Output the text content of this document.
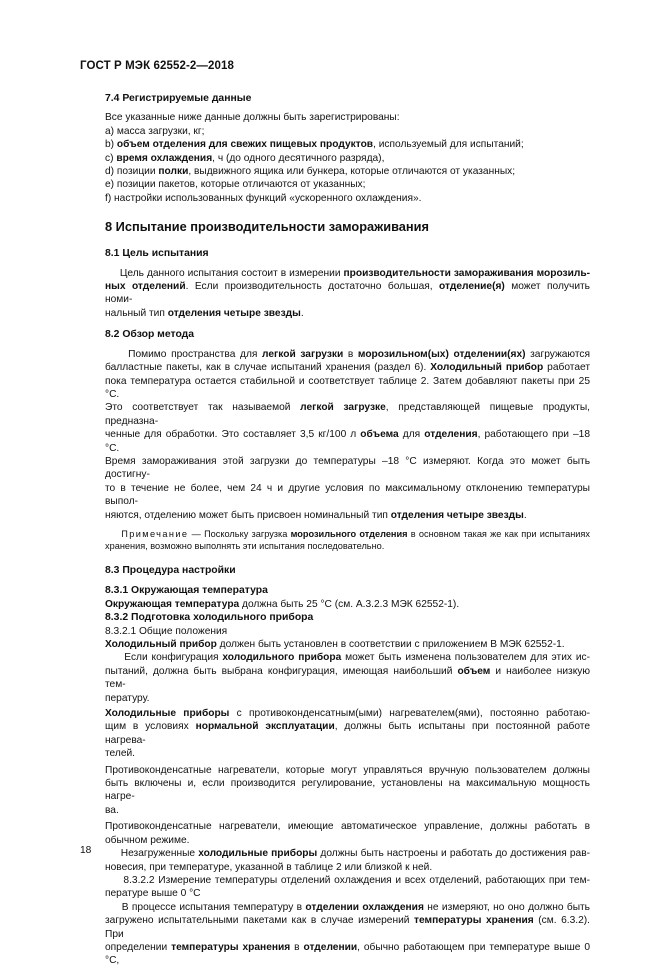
ГОСТ Р МЭК 62552-2—2018
7.4 Регистрируемые данные
Все указанные ниже данные должны быть зарегистрированы:
а) масса загрузки, кг;
b) объем отделения для свежих пищевых продуктов, используемый для испытаний;
c) время охлаждения, ч (до одного десятичного разряда),
d) позиции полки, выдвижного ящика или бункера, которые отличаются от указанных;
e) позиции пакетов, которые отличаются от указанных;
f) настройки использованных функций «ускоренного охлаждения».
8 Испытание производительности замораживания
8.1 Цель испытания
Цель данного испытания состоит в измерении производительности замораживания морозиль-
ных отделений. Если производительность достаточно большая, отделение(я) может получить номи-
нальный тип отделения четыре звезды.
8.2 Обзор метода
Помимо пространства для легкой загрузки в морозильном(ых) отделении(ях) загружаются
балластные пакеты, как в случае испытаний хранения (раздел 6). Холодильный прибор работает
пока температура остается стабильной и соответствует таблице 2. Затем добавляют пакеты при 25 °С.
Это соответствует так называемой легкой загрузке, представляющей пищевые продукты, предназна-
ченные для обработки. Это составляет 3,5 кг/100 л объема для отделения, работающего при –18 °С.
Время замораживания этой загрузки до температуры –18 °С измеряют. Когда это может быть достигну-
то в течение не более, чем 24 ч и другие условия по максимальному отклонению температуры выпол-
няются, отделению может быть присвоен номинальный тип отделения четыре звезды.
Примечание — Поскольку загрузка морозильного отделения в основном такая же как при испытаниях
хранения, возможно выполнять эти испытания последовательно.
8.3 Процедура настройки
8.3.1 Окружающая температура
Окружающая температура должна быть 25 °С (см. А.3.2.3 МЭК 62552-1).
8.3.2 Подготовка холодильного прибора
8.3.2.1 Общие положения
Холодильный прибор должен быть установлен в соответствии с приложением В МЭК 62552-1.
Если конфигурация холодильного прибора может быть изменена пользователем для этих ис-
пытаний, должна быть выбрана конфигурация, имеющая наибольший объем и наиболее низкую тем-
пературу.
Холодильные приборы с противоконденсатным(ыми) нагревателем(ями), постоянно работаю-
щим в условиях нормальной эксплуатации, должны быть испытаны при постоянной работе нагрева-
телей.
Противоконденсатные нагреватели, которые могут управляться вручную пользователем должны
быть включены и, если производится регулирование, установлены на максимальную мощность нагре-
ва.
Противоконденсатные нагреватели, имеющие автоматическое управление, должны работать в
обычном режиме.
Незагруженные холодильные приборы должны быть настроены и работать до достижения рав-
новесия, при температуре, указанной в таблице 2 или близкой к ней.
8.3.2.2 Измерение температуры отделений охлаждения и всех отделений, работающих при тем-
пературе выше 0 °С
В процессе испытания температуру в отделении охлаждения не измеряют, но оно должно быть
загружено испытательными пакетами как в случае измерений температуры хранения (см. 6.3.2). При
определении температуры хранения в отделении, обычно работающем при температуре выше 0 °С,
18
